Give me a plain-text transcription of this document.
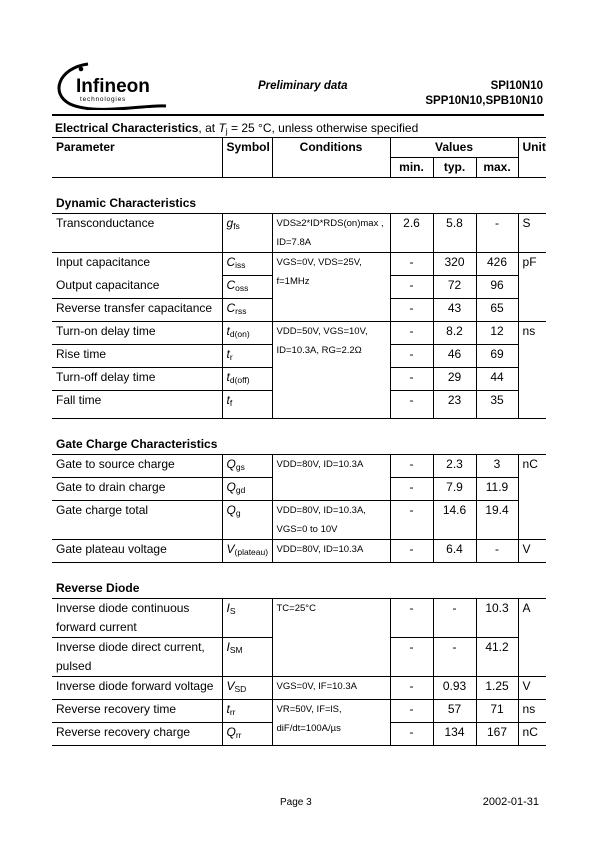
Infineon
technologies
Preliminary data	SPI10N10
SPP10N10,SPB10N10
Electrical Characteristics, at $T_j = 25$ °C, unless otherwise specified
Parameter	Symbol	Conditions	Values			Unit
			min.	typ.	max.	
Dynamic Characteristics						
Transconductance	$g_{fs}$	VDS≥2*ID*RDS(on)max ,
ID=7.8A	2.6	5.8	-	S
Input capacitance	$C_{iss}$	VGS=0V, VDS=25V,
f=1MHz	-	320	426	pF
Output capacitance	$C_{oss}$		-	72	96	
Reverse transfer capacitance	$C_{rss}$		-	43	65	
Turn-on delay time	$t_{d(on)}$	VDD=50V, VGS=10V,
ID=10.3A, RG=2.2Ω	-	8.2	12	ns
Rise time	$t_r$		-	46	69	
Turn-off delay time	$t_{d(off)}$		-	29	44	
Fall time	$t_f$		-	23	35	
Gate Charge Characteristics						
Gate to source charge	$Q_{gs}$	VDD=80V, ID=10.3A	-	2.3	3	nC
Gate to drain charge	$Q_{gd}$		-	7.9	11.9	
Gate charge total	$Q_g$	VDD=80V, ID=10.3A,
VGS=0 to 10V	-	14.6	19.4	
Gate plateau voltage	$V_{(plateau)}$	VDD=80V, ID=10.3A	-	6.4	-	V
Reverse Diode						

Inverse diode continuous
forward current	$I_S$	TC=25°C	-	-	10.3	A

Inverse diode direct current,
pulsed	$I_{SM}$		-	-	41.2	
Inverse diode forward voltage	$V_{SD}$	VGS=0V, IF=10.3A	-	0.93	1.25	V
Reverse recovery time	$t_{rr}$	VR=50V, IF=lS,
diF/dt=100A/µs	-	57	71	ns
Reverse recovery charge	$Q_{rr}$		-	134	167	nC
Page 3	2002-01-31
